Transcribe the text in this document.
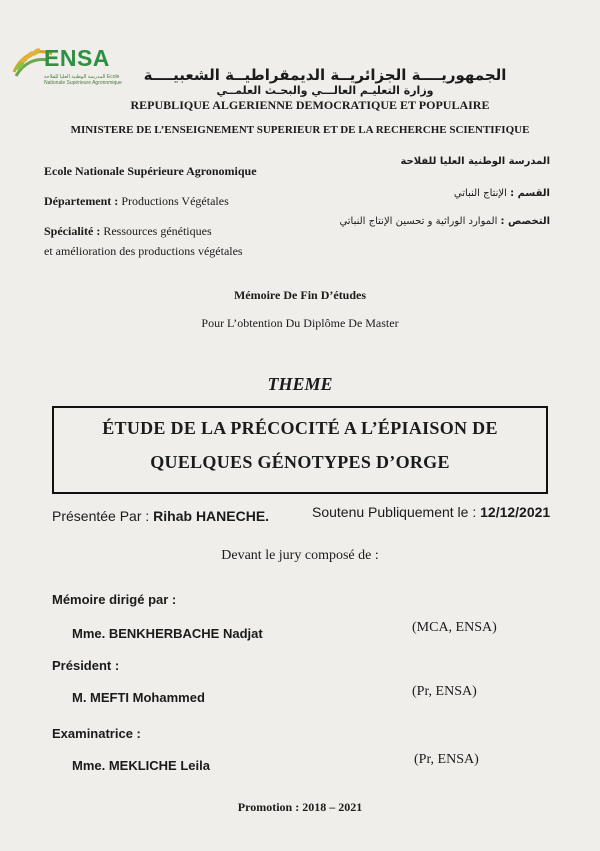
ENSA
المدرسة الوطنية العليا للفلاحة Ecole Nationale Supérieure Agronomique	الجمهوريــــة الجزائريــة الديمقراطيــة الشعبيــــة
وزارة التعليـم العالـــي والبحـث العلمــي
REPUBLIQUE ALGERIENNE DEMOCRATIQUE ET POPULAIRE
MINISTERE DE L’ENSEIGNEMENT SUPERIEUR ET DE LA RECHERCHE SCIENTIFIQUE
Ecole Nationale Supérieure Agronomique
المدرسة الوطنية العليا للفلاحة
Département : Productions Végétales
القسم : الإنتاج النباتي
Spécialité : Ressources génétiques
et amélioration des productions végétales
التخصص : الموارد الوراثية و تحسين الإنتاج النباتي
Mémoire De Fin D’études
Pour L’obtention Du Diplôme De Master
THEME
ÉTUDE DE LA PRÉCOCITÉ A L’ÉPIAISON DE
QUELQUES GÉNOTYPES D’ORGE
Présentée Par : Rihab HANECHE.	Soutenu Publiquement le : 12/12/2021
Devant le jury composé de :
Mémoire dirigé par :
Mme. BENKHERBACHE Nadjat	(MCA, ENSA)
Président :
M. MEFTI Mohammed	(Pr, ENSA)
Examinatrice :
Mme. MEKLICHE Leila	(Pr, ENSA)
Promotion : 2018 – 2021
